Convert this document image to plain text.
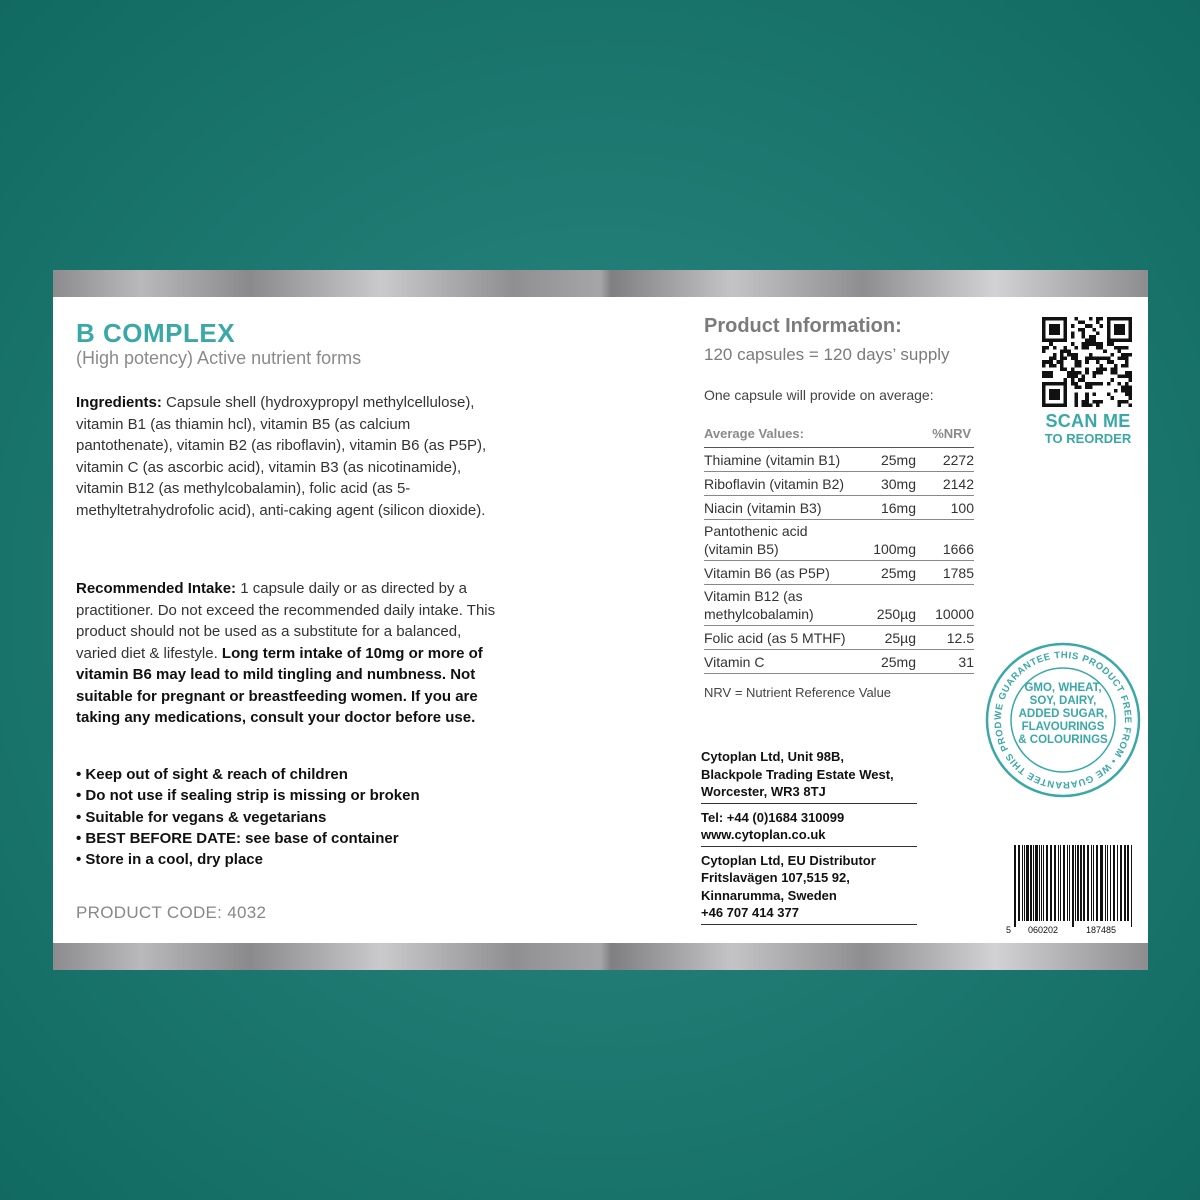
B COMPLEX
(High potency) Active nutrient forms
Ingredients: Capsule shell (hydroxypropyl methylcellulose), vitamin B1 (as thiamin hcl), vitamin B5 (as calcium pantothenate), vitamin B2 (as riboflavin), vitamin B6 (as P5P), vitamin C (as ascorbic acid), vitamin B3 (as nicotinamide), vitamin B12 (as methylcobalamin), folic acid (as 5-methyltetrahydrofolic acid), anti-caking agent (silicon dioxide).
Recommended Intake: 1 capsule daily or as directed by a practitioner. Do not exceed the recommended daily intake. This product should not be used as a substitute for a balanced, varied diet & lifestyle. Long term intake of 10mg or more of vitamin B6 may lead to mild tingling and numbness. Not suitable for pregnant or breastfeeding women. If you are taking any medications, consult your doctor before use.
• Keep out of sight & reach of children
• Do not use if sealing strip is missing or broken
• Suitable for vegans & vegetarians
• BEST BEFORE DATE: see base of container
• Store in a cool, dry place
PRODUCT CODE: 4032
Product Information:
120 capsules = 120 days’ supply
One capsule will provide on average:
Average Values:	%NRV
Thiamine (vitamin B1)	25mg	2272
Riboflavin (vitamin B2)	30mg	2142
Niacin (vitamin B3)	16mg	100
Pantothenic acid (vitamin B5)	100mg	1666
Vitamin B6 (as P5P)	25mg	1785
Vitamin B12 (as methylcobalamin)	250µg	10000
Folic acid (as 5 MTHF)	25µg	12.5
Vitamin C	25mg	31
NRV = Nutrient Reference Value
Cytoplan Ltd, Unit 98B,
Blackpole Trading Estate West,
Worcester, WR3 8TJ
Tel: +44 (0)1684 310099
www.cytoplan.co.uk
Cytoplan Ltd, EU Distributor
Fritslavägen 107,515 92,
Kinnarumma, Sweden
+46 707 414 377
SCAN ME
TO REORDER
WE GUARANTEE THIS PRODUCT FREE FROM • WE GUARANTEE THIS PROD
GMO, WHEAT,
SOY, DAIRY,
ADDED SUGAR,
FLAVOURINGS
& COLOURINGS
5 060202	187485
